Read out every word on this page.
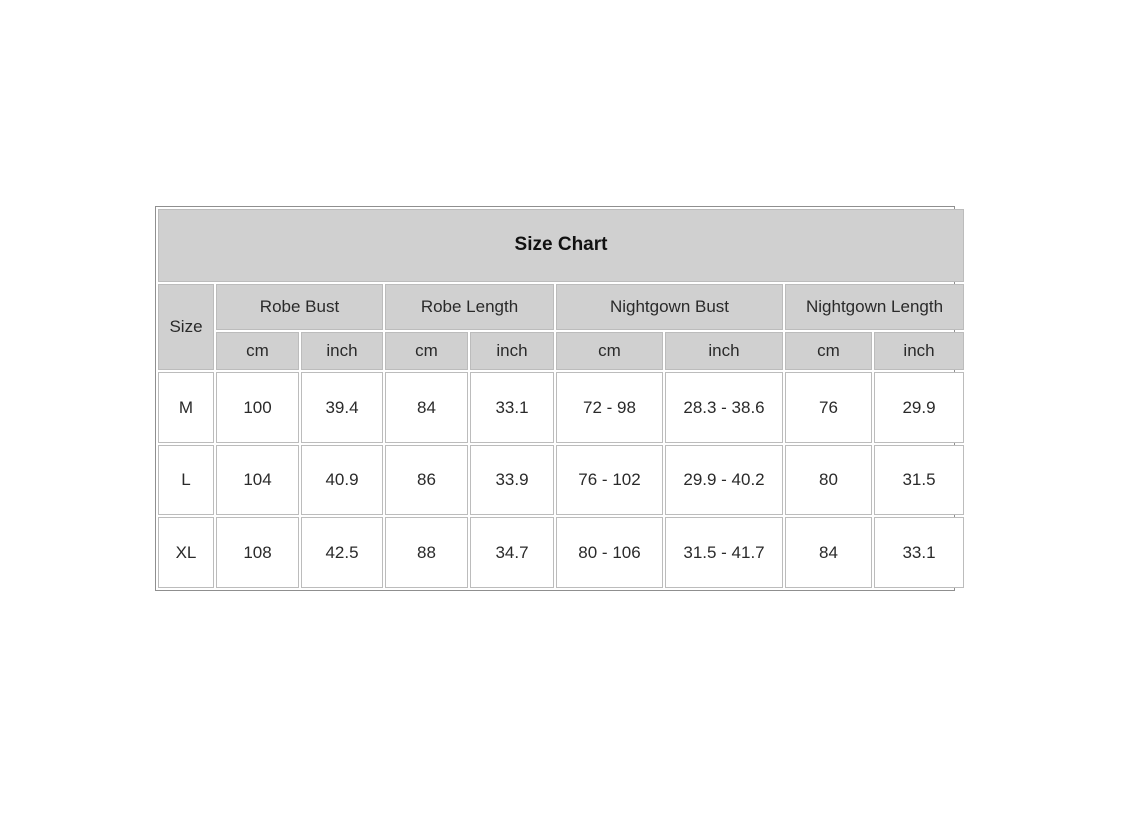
Size Chart								
Size	Robe Bust		Robe Length		Nightgown Bust		Nightgown Length	
	cm	inch	cm	inch	cm	inch	cm	inch
M	100	39.4	84	33.1	72 - 98	28.3 - 38.6	76	29.9
L	104	40.9	86	33.9	76 - 102	29.9 - 40.2	80	31.5
XL	108	42.5	88	34.7	80 - 106	31.5 - 41.7	84	33.1
